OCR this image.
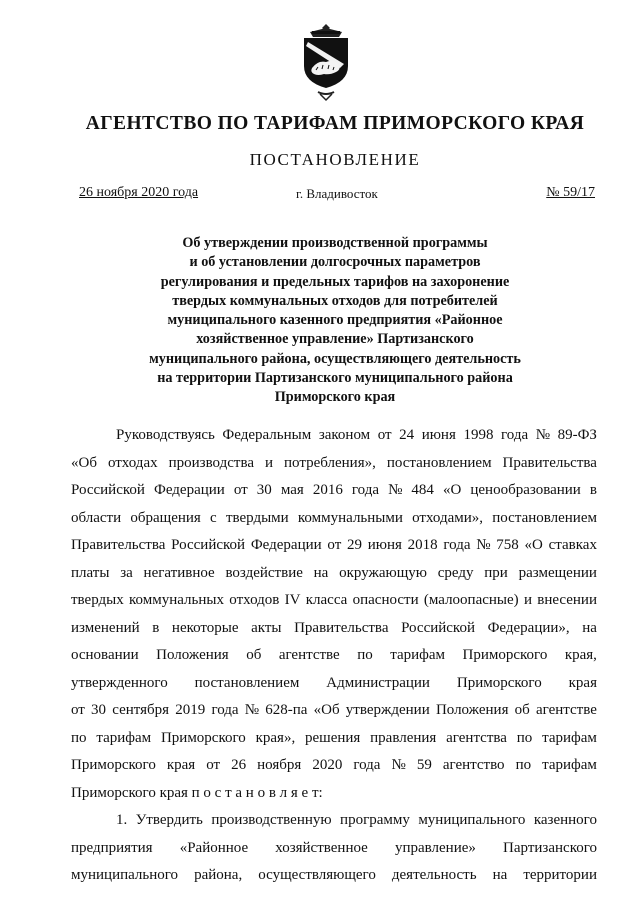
АГЕНТСТВО ПО ТАРИФАМ ПРИМОРСКОГО КРАЯ
ПОСТАНОВЛЕНИЕ
26 ноября 2020 года	г. Владивосток	№ 59/17
Об утверждении производственной программы
и об установлении долгосрочных параметров
регулирования и предельных тарифов на захоронение
твердых коммунальных отходов для потребителей
муниципального казенного предприятия «Районное
хозяйственное управление» Партизанского
муниципального района, осуществляющего деятельность
на территории Партизанского муниципального района
Приморского края
Руководствуясь Федеральным законом от 24 июня 1998 года № 89-ФЗ
«Об отходах производства и потребления», постановлением Правительства
Российской Федерации от 30 мая 2016 года № 484 «О ценообразовании в
области обращения с твердыми коммунальными отходами», постановлением
Правительства Российской Федерации от 29 июня 2018 года № 758 «О ставках
платы за негативное воздействие на окружающую среду при размещении
твердых коммунальных отходов IV класса опасности (малоопасные) и внесении
изменений в некоторые акты Правительства Российской Федерации», на
основании Положения об агентстве по тарифам Приморского края,
утвержденного постановлением Администрации Приморского края
от 30 сентября 2019 года № 628-па «Об утверждении Положения об агентстве
по тарифам Приморского края», решения правления агентства по тарифам
Приморского края от 26 ноября 2020 года № 59 агентство по тарифам
Приморского края п о с т а н о в л я е т:
1. Утвердить производственную программу муниципального казенного
предприятия «Районное хозяйственное управление» Партизанского
муниципального района, осуществляющего деятельность на территории
